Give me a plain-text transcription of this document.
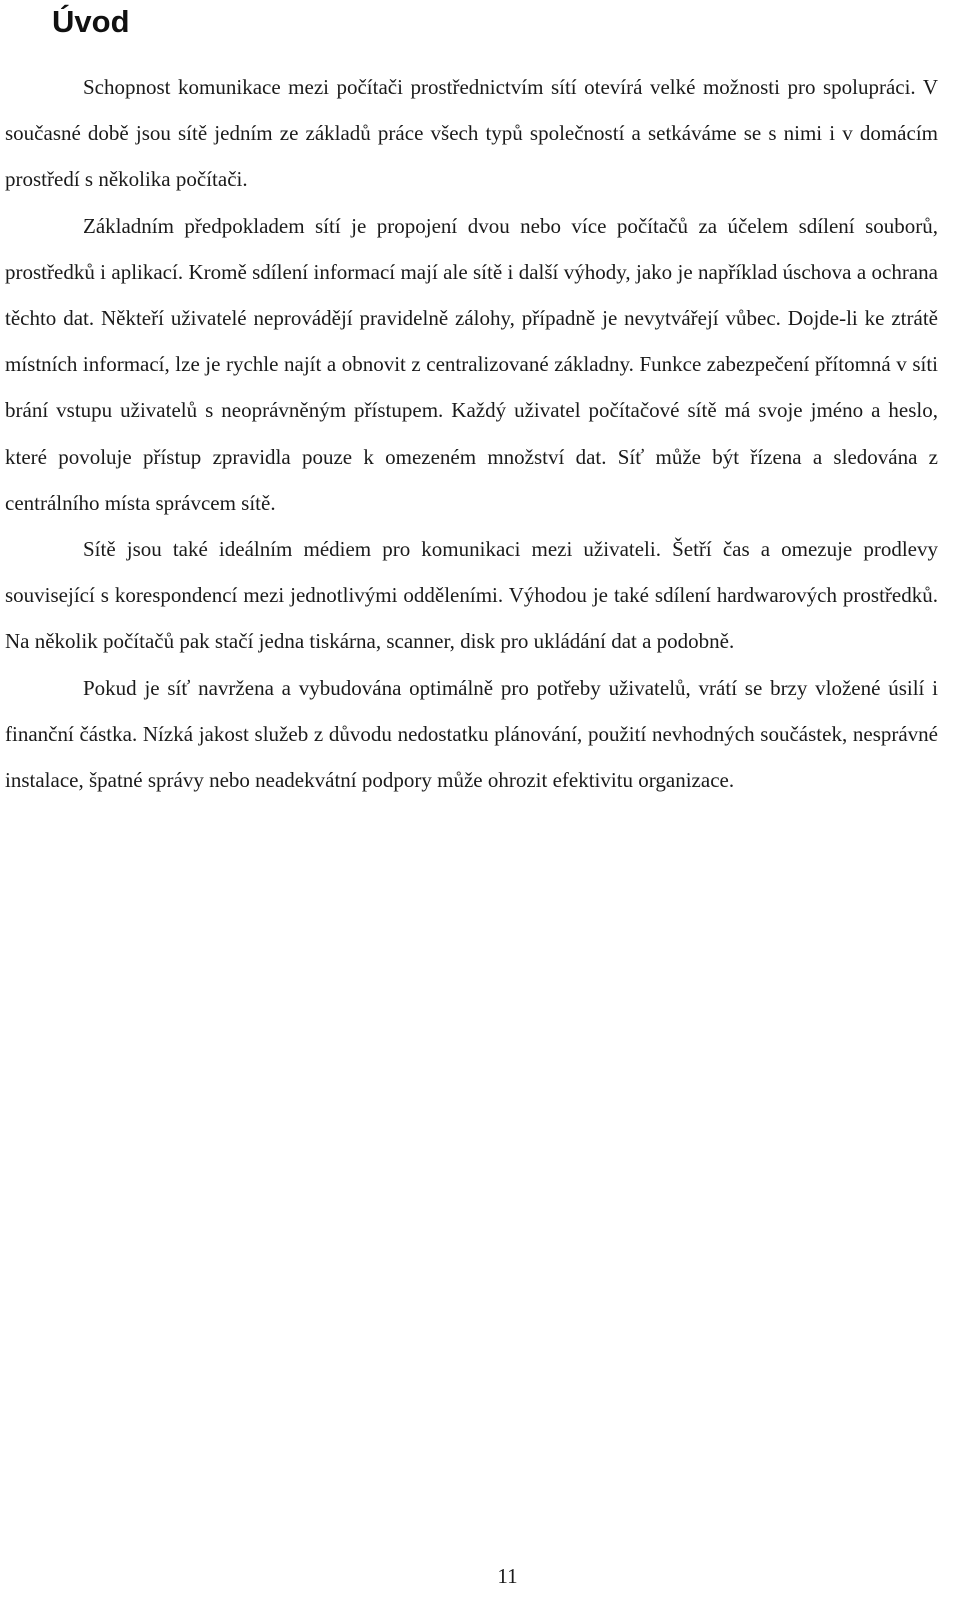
Úvod

Schopnost komunikace mezi počítači prostřednictvím sítí otevírá velké možnosti pro spolupráci. V současné době jsou sítě jedním ze základů práce všech typů společností a setkáváme se s nimi i v domácím prostředí s několika počítači.

Základním předpokladem sítí je propojení dvou nebo více počítačů za účelem sdílení souborů, prostředků i aplikací. Kromě sdílení informací mají ale sítě i další výhody, jako je například úschova a ochrana těchto dat. Někteří uživatelé neprovádějí pravidelně zálohy, případně je nevytvářejí vůbec. Dojde-li ke ztrátě místních informací, lze je rychle najít a obnovit z centralizované základny. Funkce zabezpečení přítomná v síti brání vstupu uživatelů s neoprávněným přístupem. Každý uživatel počítačové sítě má svoje jméno a heslo, které povoluje přístup zpravidla pouze k omezeném množství dat. Síť může být řízena a sledována z centrálního místa správcem sítě.

Sítě jsou také ideálním médiem pro komunikaci mezi uživateli. Šetří čas a omezuje prodlevy související s korespondencí mezi jednotlivými odděleními. Výhodou je také sdílení hardwarových prostředků. Na několik počítačů pak stačí jedna tiskárna, scanner, disk pro ukládání dat a podobně.

Pokud je síť navržena a vybudována optimálně pro potřeby uživatelů, vrátí se brzy vložené úsilí i finanční částka. Nízká jakost služeb z důvodu nedostatku plánování, použití nevhodných součástek, nesprávné instalace, špatné správy nebo neadekvátní podpory může ohrozit efektivitu organizace.

11
